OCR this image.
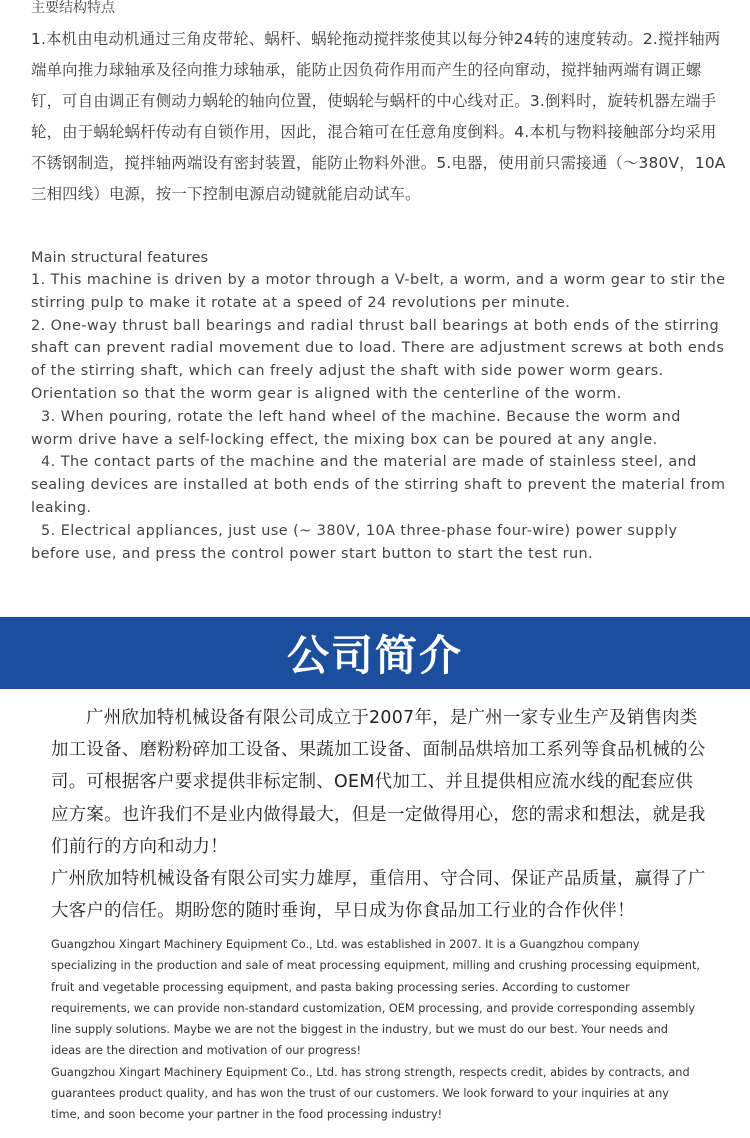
主要结构特点

1.本机由电动机通过三角皮带轮、蜗杆、蜗轮拖动搅拌浆使其以每分钟24转的速度转动。2.搅拌轴两端单向推力球轴承及径向推力球轴承，能防止因负荷作用而产生的径向窜动，搅拌轴两端有调正螺钉，可自由调正有侧动力蜗轮的轴向位置，使蜗轮与蜗杆的中心线对正。3.倒料时，旋转机器左端手轮，由于蜗轮蜗杆传动有自锁作用，因此，混合箱可在任意角度倒料。4.本机与物料接触部分均采用不锈钢制造，搅拌轴两端设有密封装置，能防止物料外泄。5.电器，使用前只需接通（～380V，10A三相四线）电源，按一下控制电源启动键就能启动试车。
Main structural features
1. This machine is driven by a motor through a V-belt, a worm, and a worm gear to stir the stirring pulp to make it rotate at a speed of 24 revolutions per minute.
2. One-way thrust ball bearings and radial thrust ball bearings at both ends of the stirring shaft can prevent radial movement due to load. There are adjustment screws at both ends of the stirring shaft, which can freely adjust the shaft with side power worm gears. Orientation so that the worm gear is aligned with the centerline of the worm.
3. When pouring, rotate the left hand wheel of the machine. Because the worm and worm drive have a self-locking effect, the mixing box can be poured at any angle.
4. The contact parts of the machine and the material are made of stainless steel, and sealing devices are installed at both ends of the stirring shaft to prevent the material from leaking.
5. Electrical appliances, just use (~ 380V, 10A three-phase four-wire) power supply before use, and press the control power start button to start the test run.
公司简介

广州欣加特机械设备有限公司成立于2007年，是广州一家专业生产及销售肉类加工设备、磨粉粉碎加工设备、果蔬加工设备、面制品烘培加工系列等食品机械的公司。可根据客户要求提供非标定制、OEM代加工、并且提供相应流水线的配套应供应方案。也许我们不是业内做得最大，但是一定做得用心，您的需求和想法，就是我们前行的方向和动力！

广州欣加特机械设备有限公司实力雄厚，重信用、守合同、保证产品质量，赢得了广大客户的信任。期盼您的随时垂询，早日成为你食品加工行业的合作伙伴！

Guangzhou Xingart Machinery Equipment Co., Ltd. was established in 2007. It is a Guangzhou company specializing in the production and sale of meat processing equipment, milling and crushing processing equipment, fruit and vegetable processing equipment, and pasta baking processing series. According to customer requirements, we can provide non-standard customization, OEM processing, and provide corresponding assembly line supply solutions. Maybe we are not the biggest in the industry, but we must do our best. Your needs and ideas are the direction and motivation of our progress!

Guangzhou Xingart Machinery Equipment Co., Ltd. has strong strength, respects credit, abides by contracts, and guarantees product quality, and has won the trust of our customers. We look forward to your inquiries at any time, and soon become your partner in the food processing industry!
